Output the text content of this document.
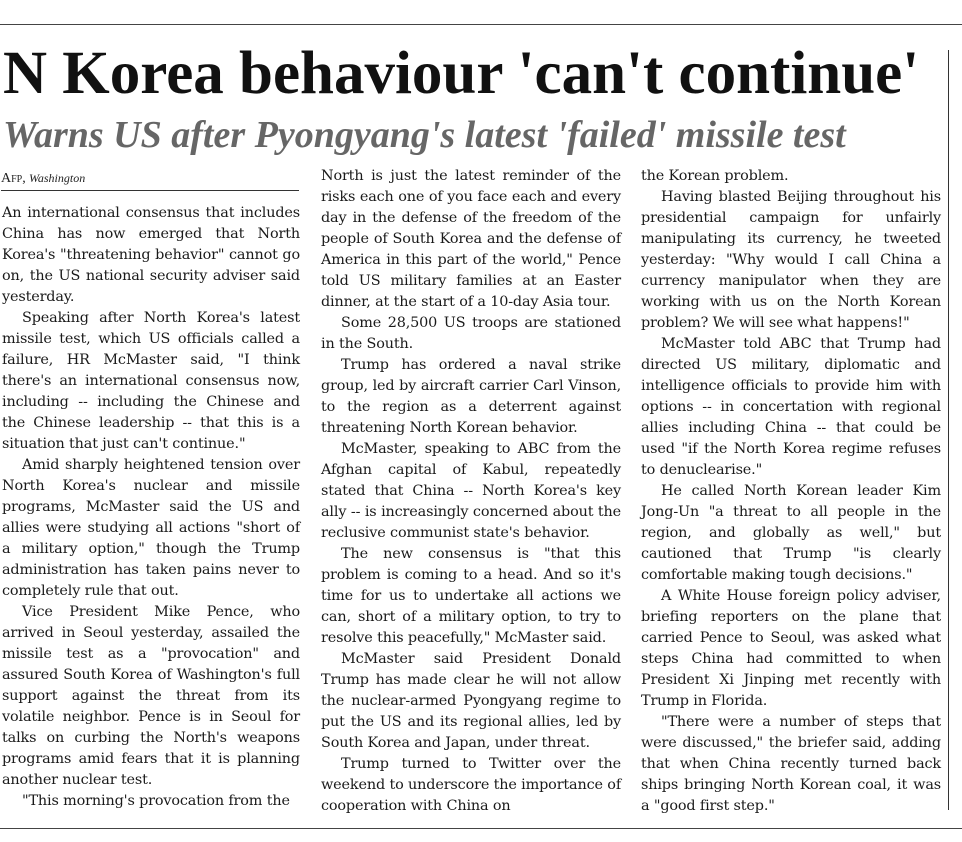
N Korea behaviour 'can't continue'
Warns US after Pyongyang's latest 'failed' missile test
Afp, Washington

An international consensus that includes China has now emerged that North Korea's "threatening behavior" cannot go on, the US national security adviser said yesterday.

Speaking after North Korea's latest missile test, which US officials called a failure, HR McMaster said, "I think there's an international consensus now, including -- including the Chinese and the Chinese leadership -- that this is a situation that just can't continue."

Amid sharply heightened tension over North Korea's nuclear and missile programs, McMaster said the US and allies were studying all actions "short of a military option," though the Trump administration has taken pains never to completely rule that out.

Vice President Mike Pence, who arrived in Seoul yesterday, assailed the missile test as a "provocation" and assured South Korea of Washington's full support against the threat from its volatile neighbor. Pence is in Seoul for talks on curbing the North's weapons programs amid fears that it is planning another nuclear test.

"This morning's provocation from the

North is just the latest reminder of the risks each one of you face each and every day in the defense of the freedom of the people of South Korea and the defense of America in this part of the world," Pence told US military families at an Easter dinner, at the start of a 10-day Asia tour.

Some 28,500 US troops are stationed in the South.

Trump has ordered a naval strike group, led by aircraft carrier Carl Vinson, to the region as a deterrent against threatening North Korean behavior.

McMaster, speaking to ABC from the Afghan capital of Kabul, repeatedly stated that China -- North Korea's key ally -- is increasingly concerned about the reclusive communist state's behavior.

The new consensus is "that this problem is coming to a head. And so it's time for us to undertake all actions we can, short of a military option, to try to resolve this peacefully," McMaster said.

McMaster said President Donald Trump has made clear he will not allow the nuclear-armed Pyongyang regime to put the US and its regional allies, led by South Korea and Japan, under threat.

Trump turned to Twitter over the weekend to underscore the importance of cooperation with China on

the Korean problem.

Having blasted Beijing throughout his presidential campaign for unfairly manipulating its currency, he tweeted yesterday: "Why would I call China a currency manipulator when they are working with us on the North Korean problem? We will see what happens!"

McMaster told ABC that Trump had directed US military, diplomatic and intelligence officials to provide him with options -- in concertation with regional allies including China -- that could be used "if the North Korea regime refuses to denuclearise."

He called North Korean leader Kim Jong-Un "a threat to all people in the region, and globally as well," but cautioned that Trump "is clearly comfortable making tough decisions."

A White House foreign policy adviser, briefing reporters on the plane that carried Pence to Seoul, was asked what steps China had committed to when President Xi Jinping met recently with Trump in Florida.

"There were a number of steps that were discussed," the briefer said, adding that when China recently turned back ships bringing North Korean coal, it was a "good first step."
